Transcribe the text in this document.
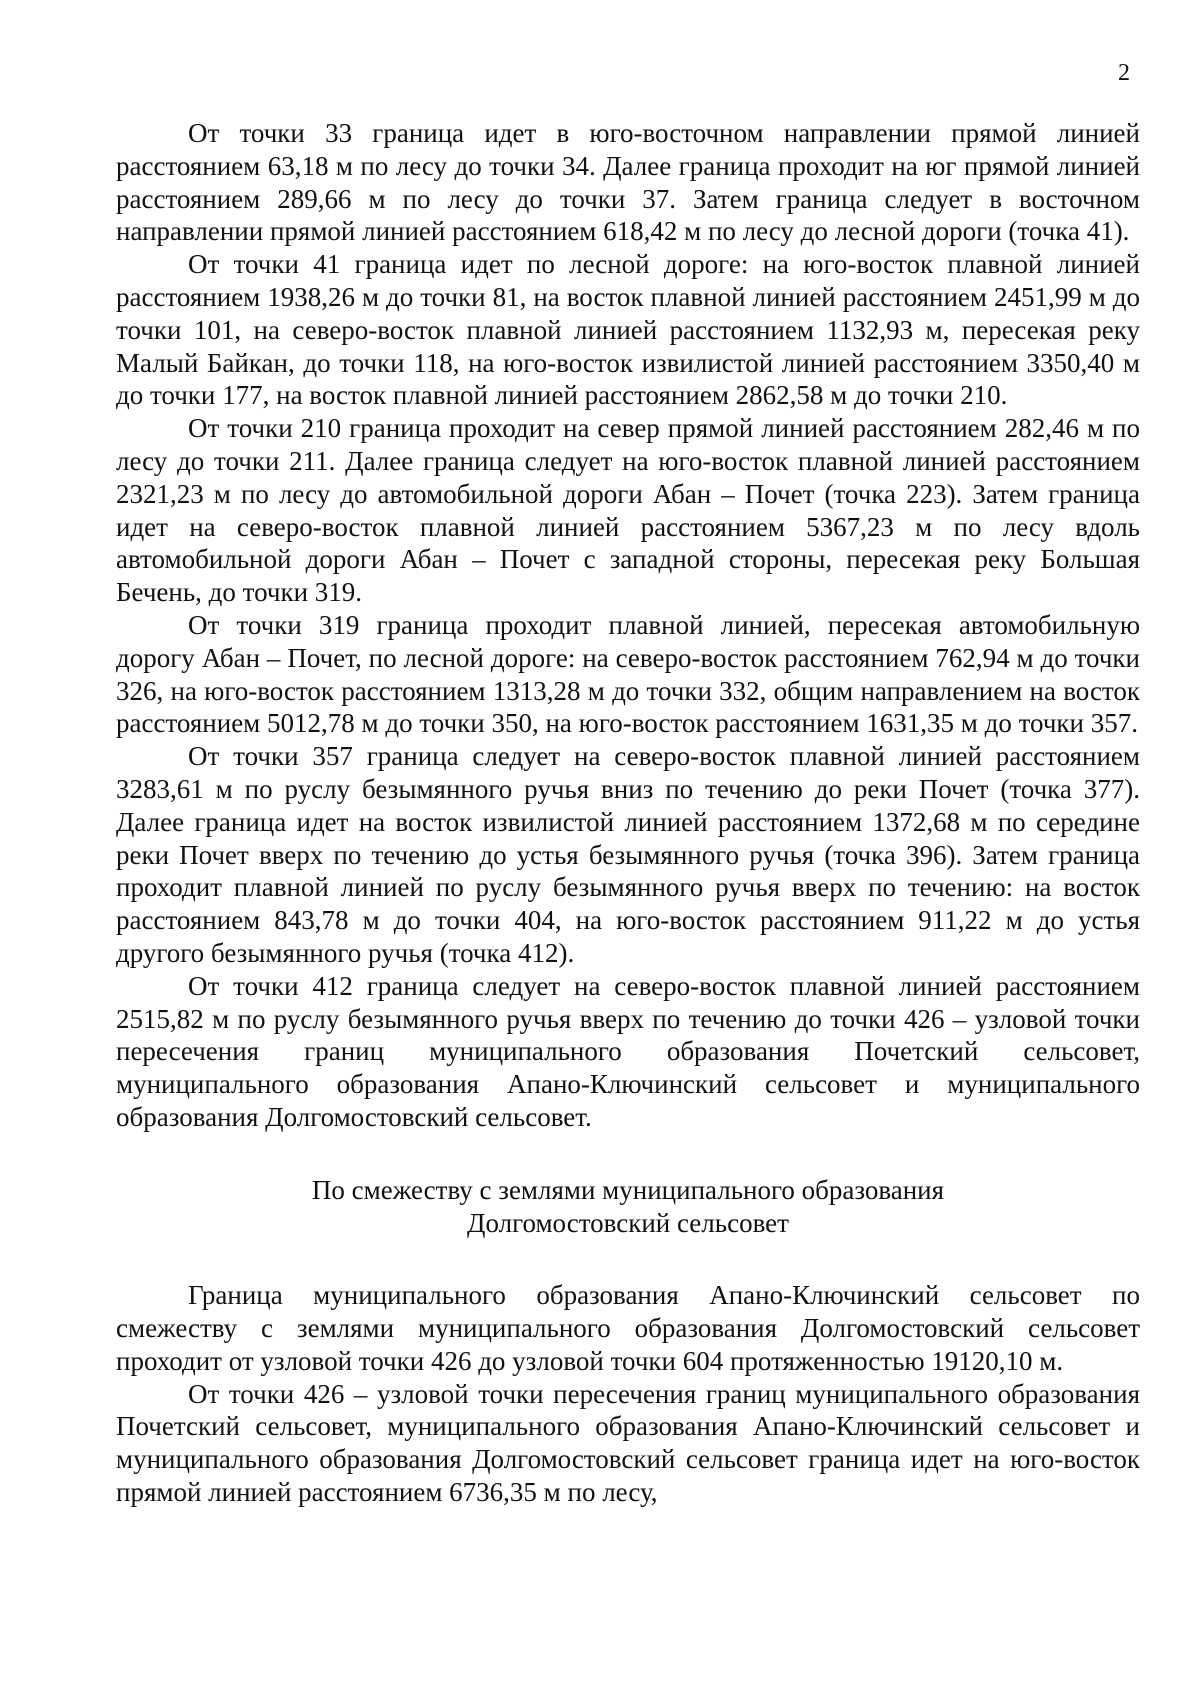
2

От точки 33 граница идет в юго-восточном направлении прямой линией расстоянием 63,18 м по лесу до точки 34. Далее граница проходит на юг прямой линией расстоянием 289,66 м по лесу до точки 37. Затем граница следует в восточном направлении прямой линией расстоянием 618,42 м по лесу до лесной дороги (точка 41).

От точки 41 граница идет по лесной дороге: на юго-восток плавной линией расстоянием 1938,26 м до точки 81, на восток плавной линией расстоянием 2451,99 м до точки 101, на северо-восток плавной линией расстоянием 1132,93 м, пересекая реку Малый Байкан, до точки 118, на юго-восток извилистой линией расстоянием 3350,40 м до точки 177, на восток плавной линией расстоянием 2862,58 м до точки 210.

От точки 210 граница проходит на север прямой линией расстоянием 282,46 м по лесу до точки 211. Далее граница следует на юго-восток плавной линией расстоянием 2321,23 м по лесу до автомобильной дороги Абан – Почет (точка 223). Затем граница идет на северо-восток плавной линией расстоянием 5367,23 м по лесу вдоль автомобильной дороги Абан – Почет с западной стороны, пересекая реку Большая Бечень, до точки 319.

От точки 319 граница проходит плавной линией, пересекая автомобильную дорогу Абан – Почет, по лесной дороге: на северо-восток расстоянием 762,94 м до точки 326, на юго-восток расстоянием 1313,28 м до точки 332, общим направлением на восток расстоянием 5012,78 м до точки 350, на юго-восток расстоянием 1631,35 м до точки 357.

От точки 357 граница следует на северо-восток плавной линией расстоянием 3283,61 м по руслу безымянного ручья вниз по течению до реки Почет (точка 377). Далее граница идет на восток извилистой линией расстоянием 1372,68 м по середине реки Почет вверх по течению до устья безымянного ручья (точка 396). Затем граница проходит плавной линией по руслу безымянного ручья вверх по течению: на восток расстоянием 843,78 м до точки 404, на юго-восток расстоянием 911,22 м до устья другого безымянного ручья (точка 412).

От точки 412 граница следует на северо-восток плавной линией расстоянием 2515,82 м по руслу безымянного ручья вверх по течению до точки 426 – узловой точки пересечения границ муниципального образования Почетский сельсовет, муниципального образования Апано-Ключинский сельсовет и муниципального образования Долгомостовский сельсовет.

По смежеству с землями муниципального образования
Долгомостовский сельсовет

Граница муниципального образования Апано-Ключинский сельсовет по смежеству с землями муниципального образования Долгомостовский сельсовет проходит от узловой точки 426 до узловой точки 604 протяженностью 19120,10 м.

От точки 426 – узловой точки пересечения границ муниципального образования Почетский сельсовет, муниципального образования Апано-Ключинский сельсовет и муниципального образования Долгомостовский сельсовет граница идет на юго-восток прямой линией расстоянием 6736,35 м по лесу,
